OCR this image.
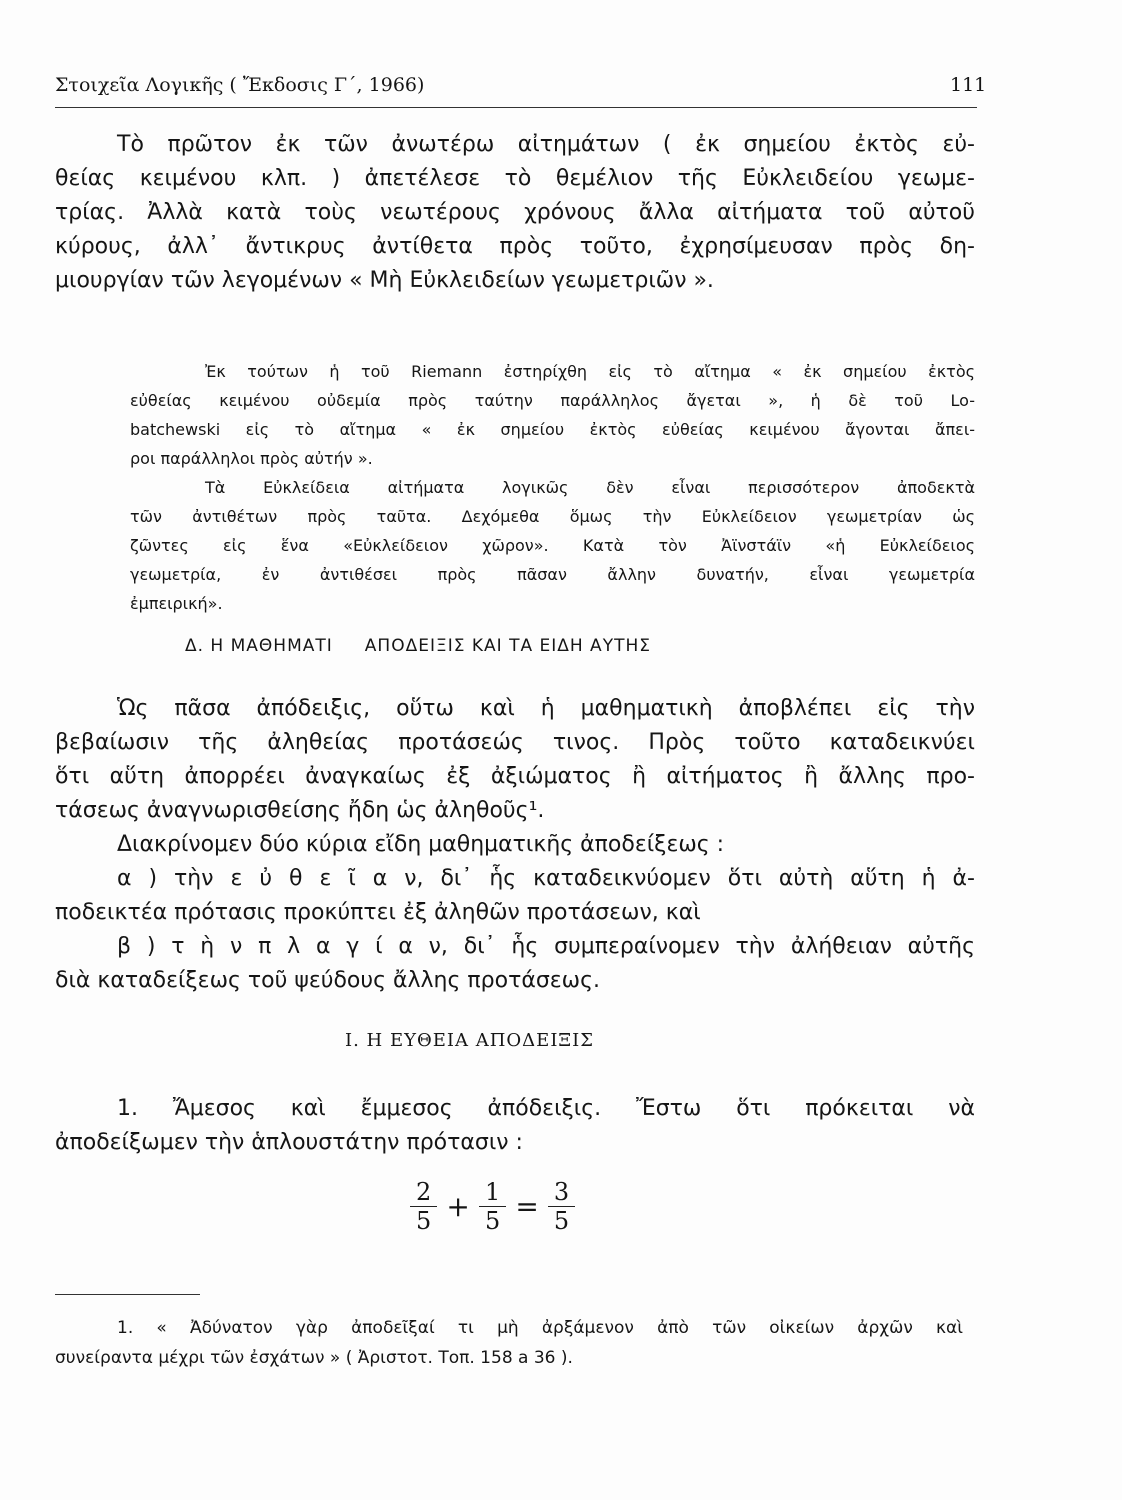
Στοιχεῖα Λογικῆς ( Ἔκδοσις Γ΄, 1966)	111
Τὸ πρῶτον ἐκ τῶν ἀνωτέρω αἰτημάτων ( ἐκ σημείου ἐκτὸς εὐ-
θείας κειμένου κλπ. ) ἀπετέλεσε τὸ θεμέλιον τῆς Εὐκλειδείου γεωμε-
τρίας. Ἀλλὰ κατὰ τοὺς νεωτέρους χρόνους ἄλλα αἰτήματα τοῦ αὐτοῦ
κύρους, ἀλλ᾽ ἄντικρυς ἀντίθετα πρὸς τοῦτο, ἐχρησίμευσαν πρὸς δη-
μιουργίαν τῶν λεγομένων « Μὴ Εὐκλειδείων γεωμετριῶν ».
Ἐκ τούτων ἡ τοῦ Riemann ἐστηρίχθη εἰς τὸ αἴτημα « ἐκ σημείου ἐκτὸς
εὐθείας κειμένου οὐδεμία πρὸς ταύτην παράλληλος ἄγεται », ἡ δὲ τοῦ Lo-
batchewski εἰς τὸ αἴτημα « ἐκ σημείου ἐκτὸς εὐθείας κειμένου ἄγονται ἄπει-
ροι παράλληλοι πρὸς αὐτήν ».
Τὰ Εὐκλείδεια αἰτήματα λογικῶς δὲν εἶναι περισσότερον ἀποδεκτὰ
τῶν ἀντιθέτων πρὸς ταῦτα. Δεχόμεθα ὅμως τὴν Εὐκλείδειον γεωμετρίαν ὡς
ζῶντες εἰς ἕνα «Εὐκλείδειον χῶρον». Κατὰ τὸν Ἀϊνστάϊν «ἡ Εὐκλείδειος
γεωμετρία, ἐν ἀντιθέσει πρὸς πᾶσαν ἄλλην δυνατήν, εἶναι γεωμετρία
ἐμπειρική».
Δ. Η ΜΑΘΗΜΑΤΙ     ΑΠΟΔΕΙΞΙΣ ΚΑΙ ΤΑ ΕΙΔΗ ΑΥΤΗΣ
Ὡς πᾶσα ἀπόδειξις, οὕτω καὶ ἡ μαθηματικὴ ἀποβλέπει εἰς τὴν
βεβαίωσιν τῆς ἀληθείας προτάσεώς τινος. Πρὸς τοῦτο καταδεικνύει
ὅτι αὕτη ἀπορρέει ἀναγκαίως ἐξ ἀξιώματος ἢ αἰτήματος ἢ ἄλλης προ-
τάσεως ἀναγνωρισθείσης ἤδη ὡς ἀληθοῦς¹.
Διακρίνομεν δύο κύρια εἴδη μαθηματικῆς ἀποδείξεως :
α ) τὴν ε ὐ θ ε ῖ α ν, δι᾽ ἧς καταδεικνύομεν ὅτι αὐτὴ αὕτη ἡ ἀ-
ποδεικτέα πρότασις προκύπτει ἐξ ἀληθῶν προτάσεων, καὶ
β ) τ ὴ ν π λ α γ ί α ν, δι᾽ ἧς συμπεραίνομεν τὴν ἀλήθειαν αὐτῆς
διὰ καταδείξεως τοῦ ψεύδους ἄλλης προτάσεως.
Ι. Η ΕΥΘΕΙΑ ΑΠΟΔΕΙΞΙΣ
1. Ἄμεσος καὶ ἔμμεσος ἀπόδειξις. Ἔστω ὅτι πρόκειται νὰ
ἀποδείξωμεν τὴν ἁπλουστάτην πρότασιν :
$\frac{2}{5} + \frac{1}{5} = \frac{3}{5}$
1. « Ἀδύνατον γὰρ ἀποδεῖξαί τι μὴ ἀρξάμενον ἀπὸ τῶν οἰκείων ἀρχῶν καὶ
συνείραντα μέχρι τῶν ἐσχάτων » ( Ἀριστοτ. Τοπ. 158 a 36 ).
